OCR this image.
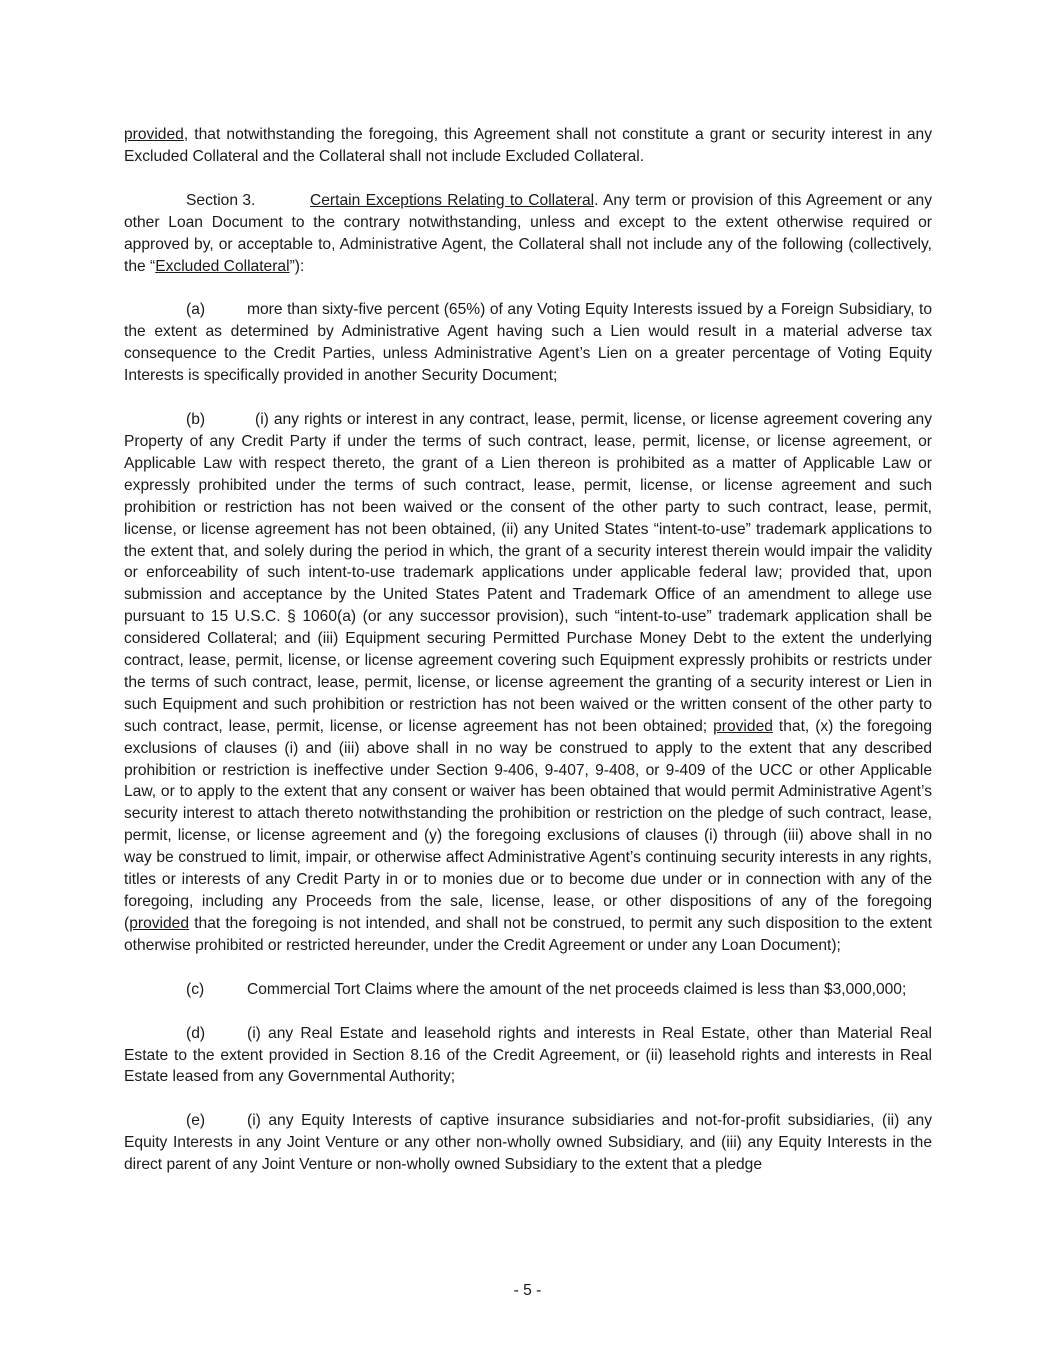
provided, that notwithstanding the foregoing, this Agreement shall not constitute a grant or security interest in any Excluded Collateral and the Collateral shall not include Excluded Collateral.

Section 3.	Certain Exceptions Relating to Collateral. Any term or provision of this Agreement or any other Loan Document to the contrary notwithstanding, unless and except to the extent otherwise required or approved by, or acceptable to, Administrative Agent, the Collateral shall not include any of the following (collectively, the “Excluded Collateral”):

(a)	more than sixty-five percent (65%) of any Voting Equity Interests issued by a Foreign Subsidiary, to the extent as determined by Administrative Agent having such a Lien would result in a material adverse tax consequence to the Credit Parties, unless Administrative Agent’s Lien on a greater percentage of Voting Equity Interests is specifically provided in another Security Document;

(b)	(i) any rights or interest in any contract, lease, permit, license, or license agreement covering any Property of any Credit Party if under the terms of such contract, lease, permit, license, or license agreement, or Applicable Law with respect thereto, the grant of a Lien thereon is prohibited as a matter of Applicable Law or expressly prohibited under the terms of such contract, lease, permit, license, or license agreement and such prohibition or restriction has not been waived or the consent of the other party to such contract, lease, permit, license, or license agreement has not been obtained, (ii) any United States “intent-to-use” trademark applications to the extent that, and solely during the period in which, the grant of a security interest therein would impair the validity or enforceability of such intent-to-use trademark applications under applicable federal law; provided that, upon submission and acceptance by the United States Patent and Trademark Office of an amendment to allege use pursuant to 15 U.S.C. § 1060(a) (or any successor provision), such “intent-to-use” trademark application shall be considered Collateral; and (iii) Equipment securing Permitted Purchase Money Debt to the extent the underlying contract, lease, permit, license, or license agreement covering such Equipment expressly prohibits or restricts under the terms of such contract, lease, permit, license, or license agreement the granting of a security interest or Lien in such Equipment and such prohibition or restriction has not been waived or the written consent of the other party to such contract, lease, permit, license, or license agreement has not been obtained; provided that, (x) the foregoing exclusions of clauses (i) and (iii) above shall in no way be construed to apply to the extent that any described prohibition or restriction is ineffective under Section 9-406, 9-407, 9-408, or 9-409 of the UCC or other Applicable Law, or to apply to the extent that any consent or waiver has been obtained that would permit Administrative Agent’s security interest to attach thereto notwithstanding the prohibition or restriction on the pledge of such contract, lease, permit, license, or license agreement and (y) the foregoing exclusions of clauses (i) through (iii) above shall in no way be construed to limit, impair, or otherwise affect Administrative Agent’s continuing security interests in any rights, titles or interests of any Credit Party in or to monies due or to become due under or in connection with any of the foregoing, including any Proceeds from the sale, license, lease, or other dispositions of any of the foregoing (provided that the foregoing is not intended, and shall not be construed, to permit any such disposition to the extent otherwise prohibited or restricted hereunder, under the Credit Agreement or under any Loan Document);

(c)	Commercial Tort Claims where the amount of the net proceeds claimed is less than $3,000,000;

(d)	(i) any Real Estate and leasehold rights and interests in Real Estate, other than Material Real Estate to the extent provided in Section 8.16 of the Credit Agreement, or (ii) leasehold rights and interests in Real Estate leased from any Governmental Authority;

(e)	(i) any Equity Interests of captive insurance subsidiaries and not-for-profit subsidiaries, (ii) any Equity Interests in any Joint Venture or any other non-wholly owned Subsidiary, and (iii) any Equity Interests in the direct parent of any Joint Venture or non-wholly owned Subsidiary to the extent that a pledge

- 5 -
